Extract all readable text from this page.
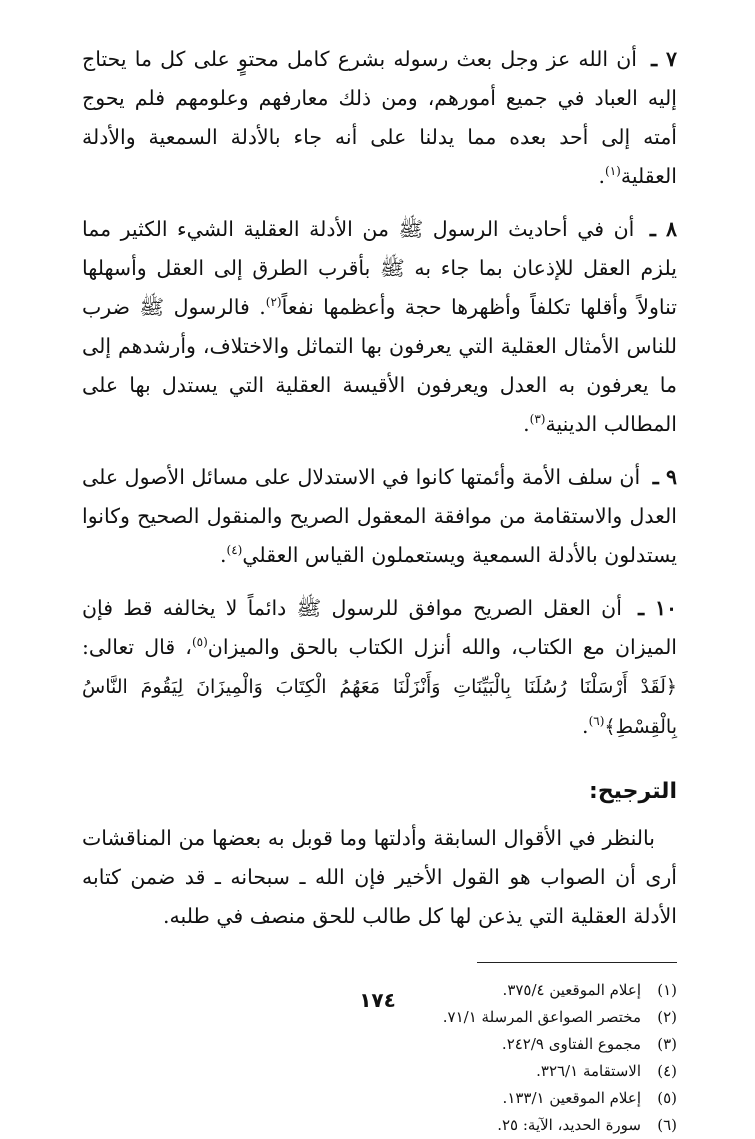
٧ ـ أن الله عز وجل بعث رسوله بشرع كامل محتوٍ على كل ما يحتاج إليه العباد في جميع أمورهم، ومن ذلك معارفهم وعلومهم فلم يحوج أمته إلى أحد بعده مما يدلنا على أنه جاء بالأدلة السمعية والأدلة العقلية$^{(١)}$.

٨ ـ أن في أحاديث الرسول ﷺ من الأدلة العقلية الشيء الكثير مما يلزم العقل للإذعان بما جاء به ﷺ بأقرب الطرق إلى العقل وأسهلها تناولاً وأقلها تكلفاً وأظهرها حجة وأعظمها نفعاً$^{(٢)}$. فالرسول ﷺ ضرب للناس الأمثال العقلية التي يعرفون بها التماثل والاختلاف، وأرشدهم إلى ما يعرفون به العدل ويعرفون الأقيسة العقلية التي يستدل بها على المطالب الدينية$^{(٣)}$.

٩ ـ أن سلف الأمة وأئمتها كانوا في الاستدلال على مسائل الأصول على العدل والاستقامة من موافقة المعقول الصريح والمنقول الصحيح وكانوا يستدلون بالأدلة السمعية ويستعملون القياس العقلي$^{(٤)}$.

١٠ ـ أن العقل الصريح موافق للرسول ﷺ دائماً لا يخالفه قط فإن الميزان مع الكتاب، والله أنزل الكتاب بالحق والميزان$^{(٥)}$، قال تعالى: ﴿لَقَدْ أَرْسَلْنَا رُسُلَنَا بِالْبَيِّنَاتِ وَأَنْزَلْنَا مَعَهُمُ الْكِتَابَ وَالْمِيزَانَ لِيَقُومَ النَّاسُ بِالْقِسْطِ﴾$^{(٦)}$.

الترجيح:

بالنظر في الأقوال السابقة وأدلتها وما قوبل به بعضها من المناقشات أرى أن الصواب هو القول الأخير فإن الله ـ سبحانه ـ قد ضمن كتابه الأدلة العقلية التي يذعن لها كل طالب للحق منصف في طلبه.

(١)
إعلام الموقعين ٣٧٥/٤.
(٢)
مختصر الصواعق المرسلة ٧١/١.
(٣)
مجموع الفتاوى ٢٤٢/٩.
(٤)
الاستقامة ٣٢٦/١.
(٥)
إعلام الموقعين ١٣٣/١.
(٦)
سورة الحديد، الآية: ٢٥.
١٧٤
